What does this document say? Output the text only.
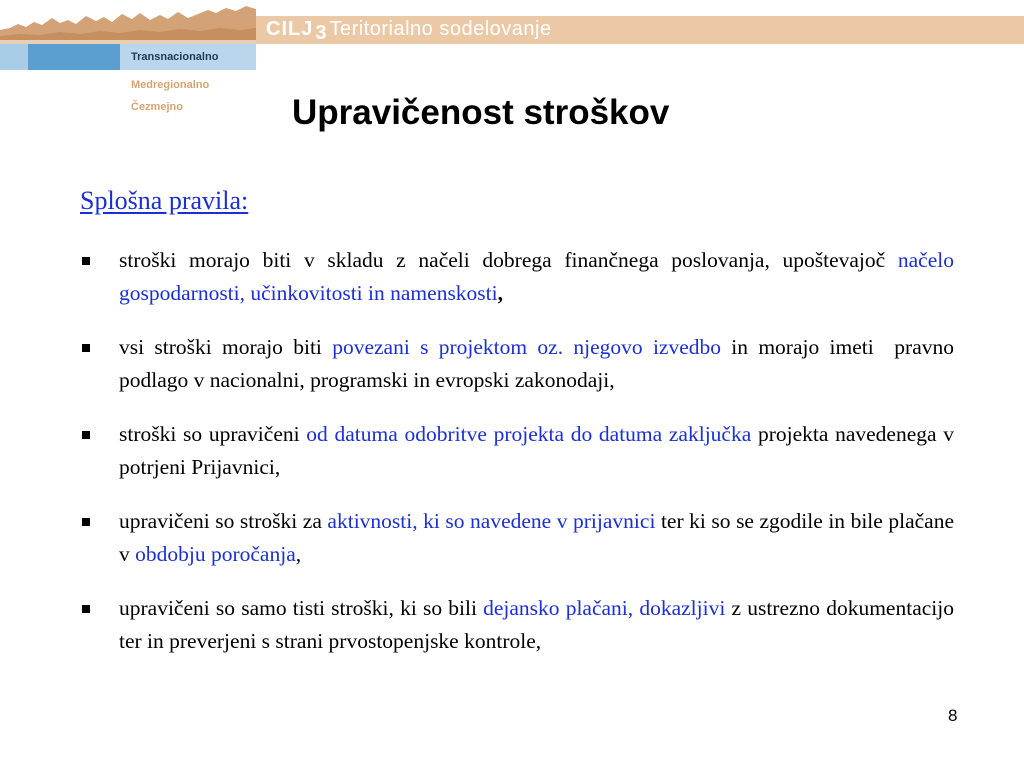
CILJ 3 Teritorialno sodelovanje
Transnacionalno
Medregionalno
Čezmejno	Upravičenost stroškov
Splošna pravila:
stroški morajo biti v skladu z načeli dobrega finančnega poslovanja, upoštevajoč načelo gospodarnosti, učinkovitosti in namenskosti,
vsi stroški morajo biti povezani s projektom oz. njegovo izvedbo in morajo imeti  pravno podlago v nacionalni, programski in evropski zakonodaji,
stroški so upravičeni od datuma odobritve projekta do datuma zaključka projekta navedenega v potrjeni Prijavnici,
upravičeni so stroški za aktivnosti, ki so navedene v prijavnici ter ki so se zgodile in bile plačane v obdobju poročanja,
upravičeni so samo tisti stroški, ki so bili dejansko plačani, dokazljivi z ustrezno dokumentacijo ter in preverjeni s strani prvostopenjske kontrole,
8
